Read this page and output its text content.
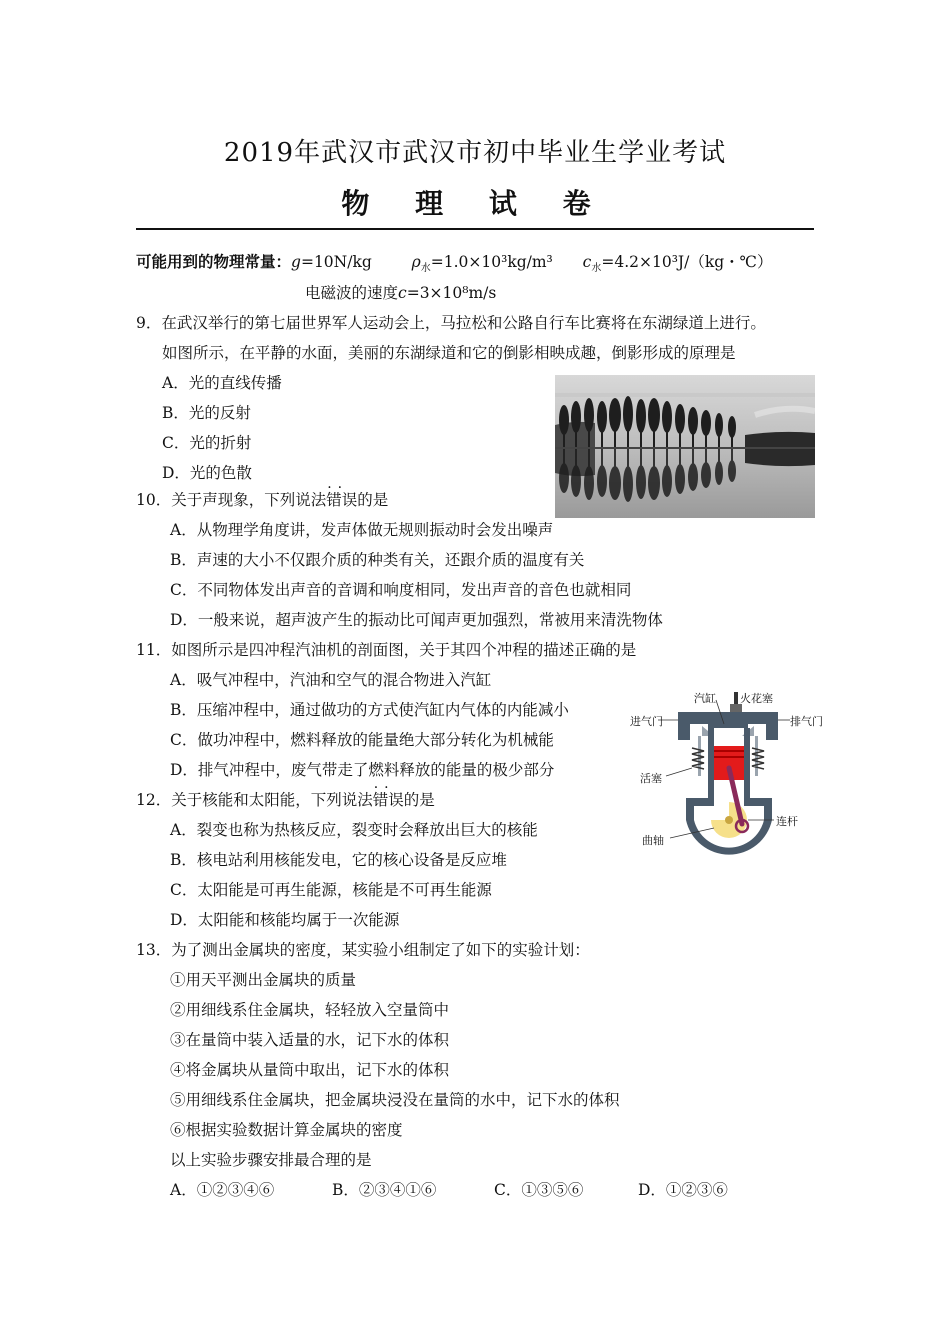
2019年武汉市武汉市初中毕业生学业考试
物 理 试 卷
可能用到的物理常量：g=10N/kg	$\rho_水=1.0\times 10^3kg/m^3$ $c_水=4.2\times 10^3J/(kg$・℃）
电磁波的速度c=3×10⁸m/s
9．在武汉举行的第七届世界军人运动会上，马拉松和公路自行车比赛将在东湖绿道上进行。
如图所示，在平静的水面，美丽的东湖绿道和它的倒影相映成趣，倒影形成的原理是
A．光的直线传播
B．光的反射
C．光的折射
D．光的色散
10．关于声现象，下列说法· · 错误的是
A．从物理学角度讲，发声体做无规则振动时会发出噪声
B．声速的大小不仅跟介质的种类有关，还跟介质的温度有关
C．不同物体发出声音的音调和响度相同，发出声音的音色也就相同
D．一般来说，超声波产生的振动比可闻声更加强烈，常被用来清洗物体
11．如图所示是四冲程汽油机的剖面图，关于其四个冲程的描述正确的是
A．吸气冲程中，汽油和空气的混合物进入汽缸
B．压缩冲程中，通过做功的方式使汽缸内气体的内能减小
C．做功冲程中，燃料释放的能量绝大部分转化为机械能
D．排气冲程中，废气带走了燃料释放的能量的极少部分
汽缸 火花塞
进气门	排气门
活塞
连杆
曲轴
12．关于核能和太阳能，下列说法· · 错误的是
A．裂变也称为热核反应，裂变时会释放出巨大的核能
B．核电站利用核能发电，它的核心设备是反应堆
C．太阳能是可再生能源，核能是不可再生能源
D．太阳能和核能均属于一次能源
13．为了测出金属块的密度，某实验小组制定了如下的实验计划：
①用天平测出金属块的质量
②用细线系住金属块，轻轻放入空量筒中
③在量筒中装入适量的水，记下水的体积
④将金属块从量筒中取出，记下水的体积
⑤用细线系住金属块，把金属块浸没在量筒的水中，记下水的体积
⑥根据实验数据计算金属块的密度
以上实验步骤安排最合理的是
A．①②③④⑥	B．②③④①⑥	C．①③⑤⑥	D．①②③⑥
